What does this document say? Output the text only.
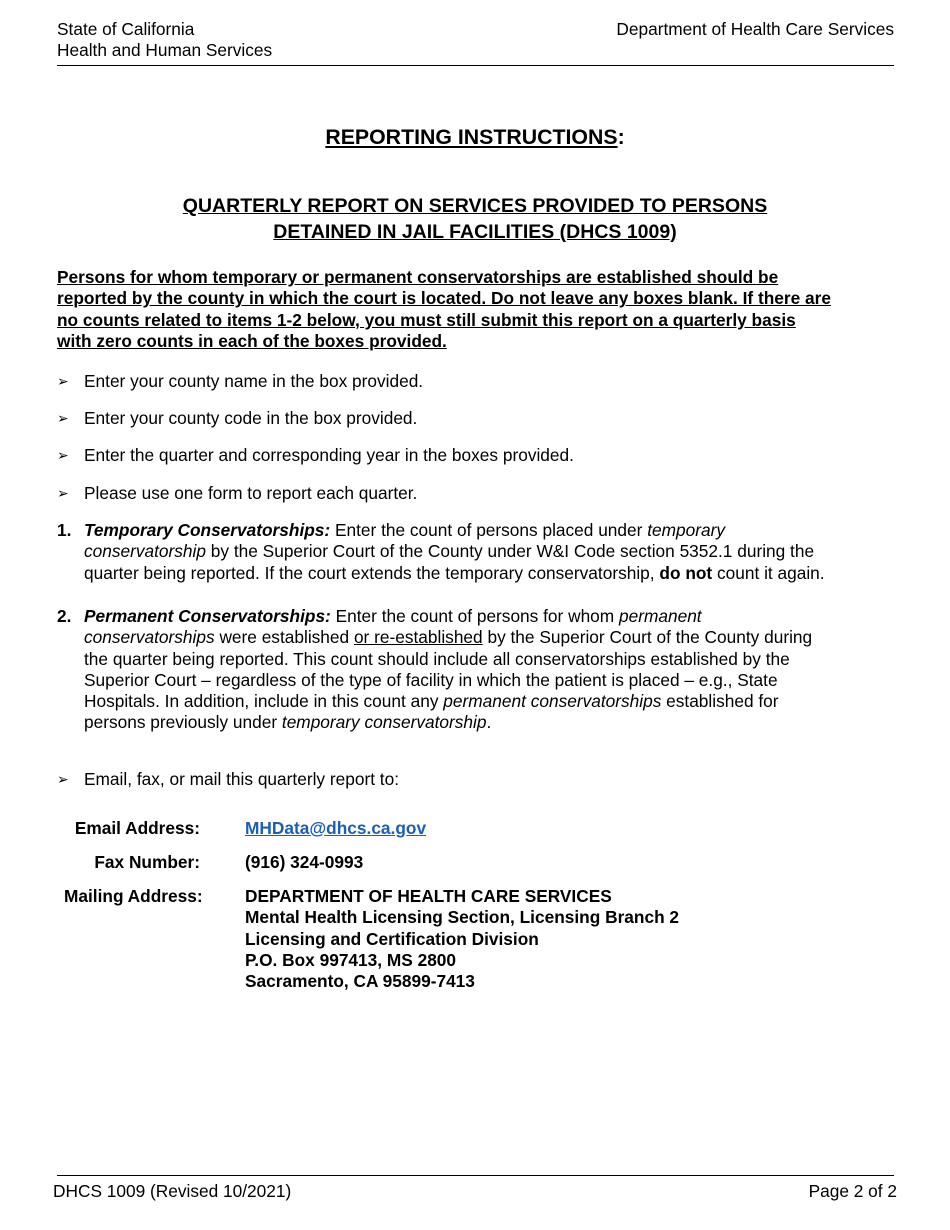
State of California
Health and Human Services
Department of Health Care Services
REPORTING INSTRUCTIONS:
QUARTERLY REPORT ON SERVICES PROVIDED TO PERSONS
DETAINED IN JAIL FACILITIES (DHCS 1009)
Persons for whom temporary or permanent conservatorships are established should be
reported by the county in which the court is located. Do not leave any boxes blank. If there are
no counts related to items 1-2 below, you must still submit this report on a quarterly basis
with zero counts in each of the boxes provided.
➢ Enter your county name in the box provided.
➢ Enter your county code in the box provided.
➢ Enter the quarter and corresponding year in the boxes provided.
➢ Please use one form to report each quarter.
1. Temporary Conservatorships: Enter the count of persons placed under temporary
conservatorship by the Superior Court of the County under W&I Code section 5352.1 during the
quarter being reported. If the court extends the temporary conservatorship, do not count it again.
2. Permanent Conservatorships: Enter the count of persons for whom permanent
conservatorships were established or re-established by the Superior Court of the County during
the quarter being reported. This count should include all conservatorships established by the
Superior Court – regardless of the type of facility in which the patient is placed – e.g., State
Hospitals. In addition, include in this count any permanent conservatorships established for
persons previously under temporary conservatorship.
➢ Email, fax, or mail this quarterly report to:
Email Address:	MHData@dhcs.ca.gov
Fax Number:	(916) 324-0993
Mailing Address:	DEPARTMENT OF HEALTH CARE SERVICES
Mental Health Licensing Section, Licensing Branch 2
Licensing and Certification Division
P.O. Box 997413, MS 2800
Sacramento, CA 95899-7413
DHCS 1009 (Revised 10/2021)	Page 2 of 2
